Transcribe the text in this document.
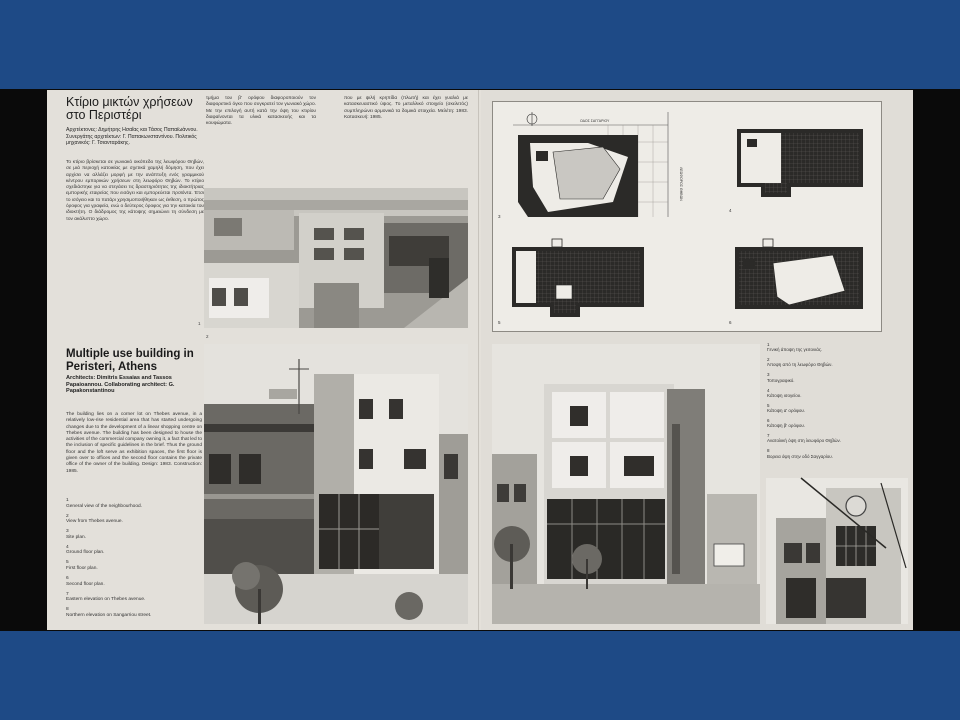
Κτίριο μικτών χρήσεων στο Περιστέρι

Αρχιτέκτονες: Δημήτρης Ησαΐας και Τάσος Παπαϊωάννου. Συνεργάτης αρχιτέκτων: Γ. Παπακωνσταντίνου. Πολιτικός μηχανικός: Γ. Τσιανταράκης.

Το κτίριο βρίσκεται σε γωνιακό οικόπεδο της λεωφόρου Θηβών, σε μιά περιοχή κατοικίας με σχετικά χαμηλή δόμηση, που έχει αρχίσει να αλλάζει μορφή με την ανάπτυξη ενός γραμμικού κέντρου εμπορικών χρήσεων στη λεωφόρο Θηβών. Το κτίριο σχεδιάστηκε για να στεγάσει τις δραστηριότητες της ιδιοκτήτριας εμπορικής εταιρείας που εισάγει και εμπορεύεται προϊόντα. Έτσι το ισόγειο και το πατάρι χρησιμοποιήθηκαν ως έκθεση, ο πρώτος όροφος για γραφεία, ενώ ο δεύτερος όροφος για την κατοικία του ιδιοκτήτη. Ο διάδρομος της κάτοψης σημειώνει τη σύνδεση με τον ακάλυπτο χώρο.

τμήμα του β' ορόφου διαφοροποιούν τον διαφορετικό όγκο που συγκρατεί τον γωνιακό χώρο. Με την επιλογή αυτή κατά την όψη του κτιρίου διαφαίνονται τα υλικά κατασκευής και τα κουφώματα.

που με ψιλή κρηπίδα (πλωτή) και έχει γυαλιά με κατασκευαστικό ύψος. Το μεταλλικό στοιχείο (σκελετός) συμπληρώνει αρμονικά τα δομικά στοιχεία. Μελέτη: 1983. Κατασκευή: 1985.

1
Multiple use building in Peristeri, Athens

Architects: Dimitris Essaias and Tassos Papaioannou. Collaborating architect: G. Papakonstantinou

The building lies on a corner lot on Thebes avenue, in a relatively low-rise residential area that has started undergoing changes due to the development of a linear shopping centre on Thebes avenue. The building has been designed to house the activities of the commercial company owning it, a fact that led to the inclusion of specific guidelines in the brief. Thus the ground floor and the loft serve as exhibition spaces, the first floor is given over to offices and the second floor contains the private office of the owner of the building. Design: 1983. Construction: 1985.

1
General view of the neighbourhood.
2
View from Thebes avenue.
3
Site plan.
4
Ground floor plan.
5
First floor plan.
6
Second floor plan.
7
Eastern elevation on Thebes avenue.
8
Northern elevation on Sangarriou street.
2
ΟΔΟΣ ΣΑΓΓΑΡΙΟΥ
ΛΕΩΦΟΡΟΣ ΘΗΒΩΝ
3
4
5	6
1
Γενική άποψη της γειτονιάς.
2
Άποψη από τη λεωφόρο Θηβών.
3
Τοπογραφικό.
4
Κάτοψη ισογείου.
5
Κάτοψη α' ορόφου.
6
Κάτοψη β' ορόφου.
7
Ανατολική όψη στη λεωφόρο Θηβών.
8
Βορεια όψη στην οδό Σαγγαρίου.
